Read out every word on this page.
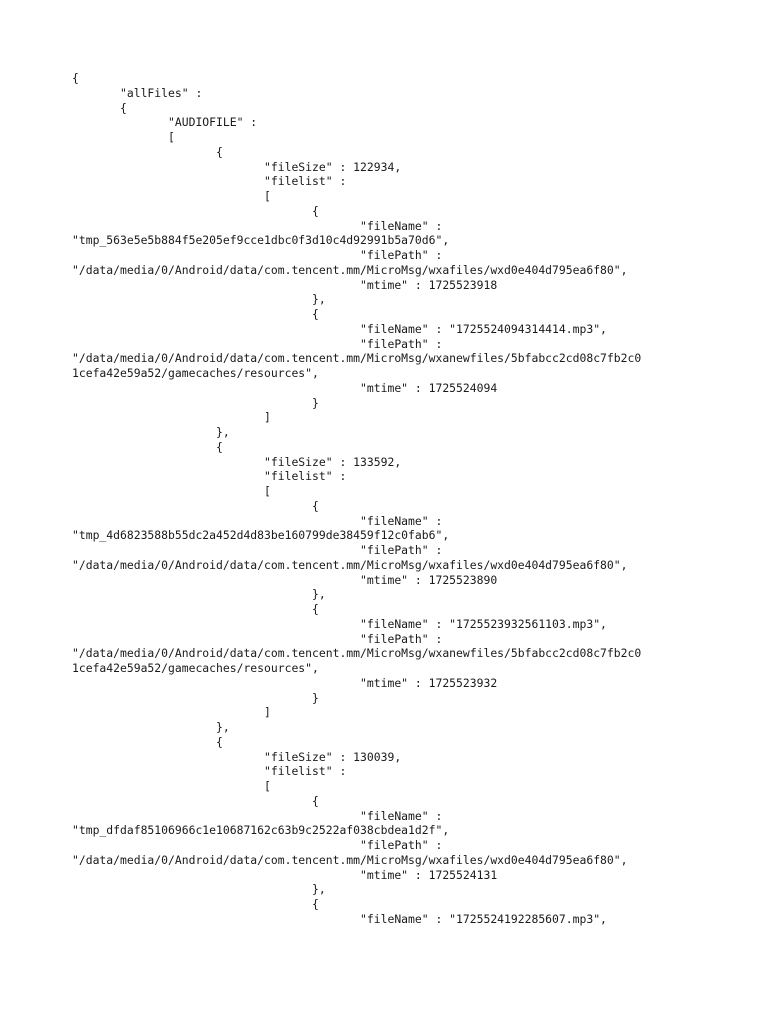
{
"allFiles" :
{
"AUDIOFILE" :
[
{
"fileSize" : 122934,
"filelist" :
[
{
"fileName" :
"tmp_563e5e5b884f5e205ef9cce1dbc0f3d10c4d92991b5a70d6",
"filePath" :
"/data/media/0/Android/data/com.tencent.mm/MicroMsg/wxafiles/wxd0e404d795ea6f80",
"mtime" : 1725523918
},
{
"fileName" : "1725524094314414.mp3",
"filePath" :
"/data/media/0/Android/data/com.tencent.mm/MicroMsg/wxanewfiles/5bfabcc2cd08c7fb2c0
1cefa42e59a52/gamecaches/resources",
"mtime" : 1725524094
}
]
},
{
"fileSize" : 133592,
"filelist" :
[
{
"fileName" :
"tmp_4d6823588b55dc2a452d4d83be160799de38459f12c0fab6",
"filePath" :
"/data/media/0/Android/data/com.tencent.mm/MicroMsg/wxafiles/wxd0e404d795ea6f80",
"mtime" : 1725523890
},
{
"fileName" : "1725523932561103.mp3",
"filePath" :
"/data/media/0/Android/data/com.tencent.mm/MicroMsg/wxanewfiles/5bfabcc2cd08c7fb2c0
1cefa42e59a52/gamecaches/resources",
"mtime" : 1725523932
}
]
},
{
"fileSize" : 130039,
"filelist" :
[
{
"fileName" :
"tmp_dfdaf85106966c1e10687162c63b9c2522af038cbdea1d2f",
"filePath" :
"/data/media/0/Android/data/com.tencent.mm/MicroMsg/wxafiles/wxd0e404d795ea6f80",
"mtime" : 1725524131
},
{
"fileName" : "1725524192285607.mp3",
